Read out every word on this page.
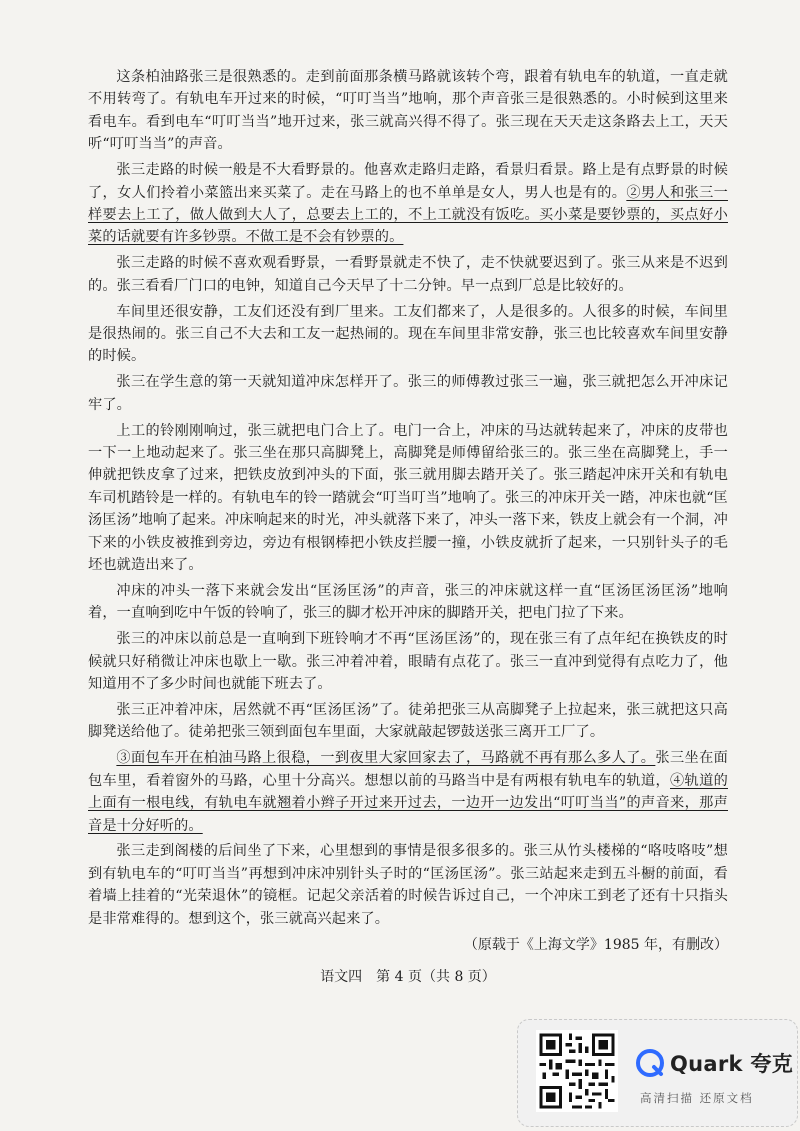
这条柏油路张三是很熟悉的。走到前面那条横马路就该转个弯，跟着有轨电车的轨道，一直走就不用转弯了。有轨电车开过来的时候，“叮叮当当”地响，那个声音张三是很熟悉的。小时候到这里来看电车。看到电车“叮叮当当”地开过来，张三就高兴得不得了。张三现在天天走这条路去上工，天天听“叮叮当当”的声音。

张三走路的时候一般是不大看野景的。他喜欢走路归走路，看景归看景。路上是有点野景的时候了，女人们拎着小菜篮出来买菜了。走在马路上的也不单单是女人，男人也是有的。②男人和张三一样要去上工了，做人做到大人了，总要去上工的，不上工就没有饭吃。买小菜是要钞票的，买点好小菜的话就要有许多钞票。不做工是不会有钞票的。

张三走路的时候不喜欢观看野景，一看野景就走不快了，走不快就要迟到了。张三从来是不迟到的。张三看看厂门口的电钟，知道自己今天早了十二分钟。早一点到厂总是比较好的。

车间里还很安静，工友们还没有到厂里来。工友们都来了，人是很多的。人很多的时候，车间里是很热闹的。张三自己不大去和工友一起热闹的。现在车间里非常安静，张三也比较喜欢车间里安静的时候。

张三在学生意的第一天就知道冲床怎样开了。张三的师傅教过张三一遍，张三就把怎么开冲床记牢了。

上工的铃刚刚响过，张三就把电门合上了。电门一合上，冲床的马达就转起来了，冲床的皮带也一下一上地动起来了。张三坐在那只高脚凳上，高脚凳是师傅留给张三的。张三坐在高脚凳上，手一伸就把铁皮拿了过来，把铁皮放到冲头的下面，张三就用脚去踏开关了。张三踏起冲床开关和有轨电车司机踏铃是一样的。有轨电车的铃一踏就会“叮当叮当”地响了。张三的冲床开关一踏，冲床也就“匡汤匡汤”地响了起来。冲床响起来的时光，冲头就落下来了，冲头一落下来，铁皮上就会有一个洞，冲下来的小铁皮被推到旁边，旁边有根钢棒把小铁皮拦腰一撞，小铁皮就折了起来，一只别针头子的毛坯也就造出来了。

冲床的冲头一落下来就会发出“匡汤匡汤”的声音，张三的冲床就这样一直“匡汤匡汤匡汤”地响着，一直响到吃中午饭的铃响了，张三的脚才松开冲床的脚踏开关，把电门拉了下来。

张三的冲床以前总是一直响到下班铃响才不再“匡汤匡汤”的，现在张三有了点年纪在换铁皮的时候就只好稍微让冲床也歇上一歇。张三冲着冲着，眼睛有点花了。张三一直冲到觉得有点吃力了，他知道用不了多少时间也就能下班去了。

张三正冲着冲床，居然就不再“匡汤匡汤”了。徒弟把张三从高脚凳子上拉起来，张三就把这只高脚凳送给他了。徒弟把张三领到面包车里面，大家就敲起锣鼓送张三离开工厂了。

③面包车开在柏油马路上很稳，一到夜里大家回家去了，马路就不再有那么多人了。张三坐在面包车里，看着窗外的马路，心里十分高兴。想想以前的马路当中是有两根有轨电车的轨道，④轨道的上面有一根电线，有轨电车就翘着小辫子开过来开过去，一边开一边发出“叮叮当当”的声音来，那声音是十分好听的。

张三走到阁楼的后间坐了下来，心里想到的事情是很多很多的。张三从竹头楼梯的“咯吱咯吱”想到有轨电车的“叮叮当当”再想到冲床冲别针头子时的“匡汤匡汤”。张三站起来走到五斗橱的前面，看着墙上挂着的“光荣退休”的镜框。记起父亲活着的时候告诉过自己，一个冲床工到老了还有十只指头是非常难得的。想到这个，张三就高兴起来了。

（原载于《上海文学》1985 年，有删改）

语文四　第 4 页（共 8 页）
Quark 夸克
高清扫描 还原文档
